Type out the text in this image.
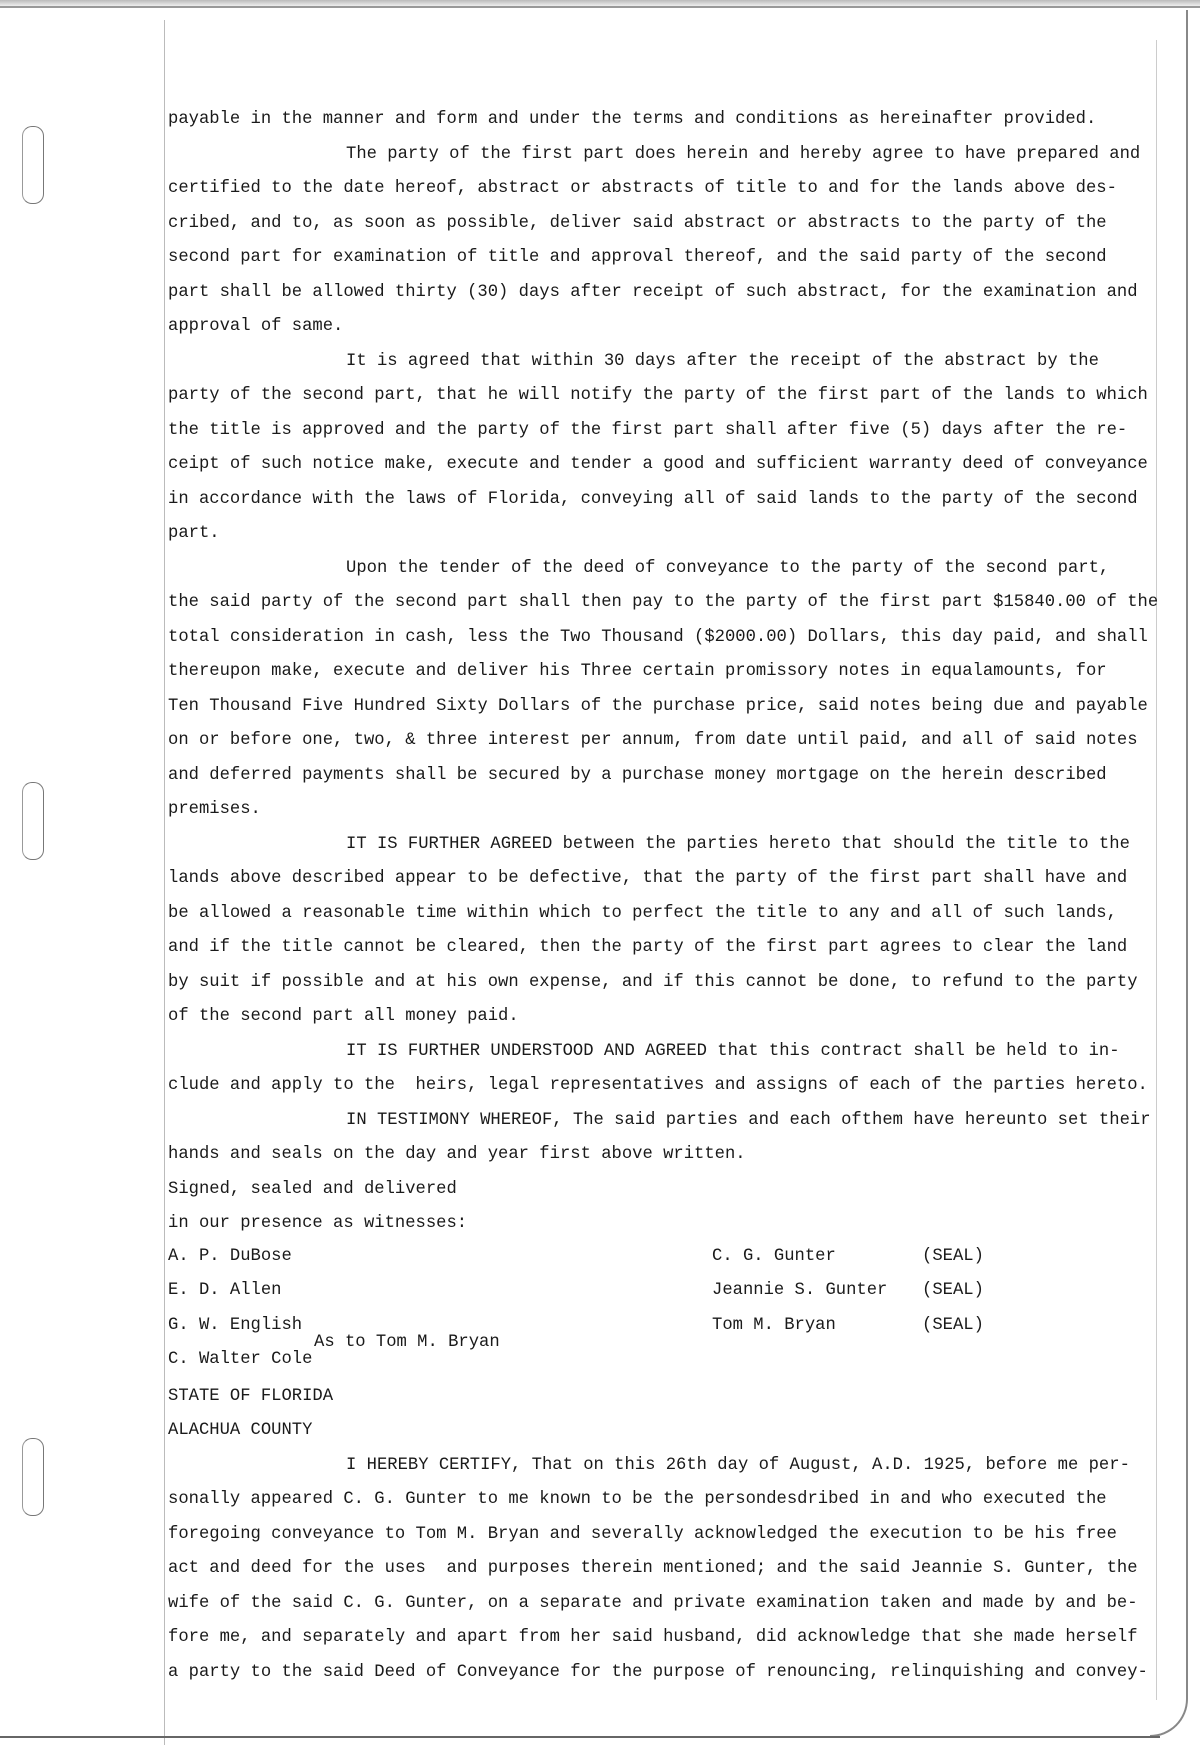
payable in the manner and form and under the terms and conditions as hereinafter provided.
The party of the first part does herein and hereby agree to have prepared and
certified to the date hereof, abstract or abstracts of title to and for the lands above des-
cribed, and to, as soon as possible, deliver said abstract or abstracts to the party of the
second part for examination of title and approval thereof, and the said party of the second
part shall be allowed thirty (30) days after receipt of such abstract, for the examination and
approval of same.
It is agreed that within 30 days after the receipt of the abstract by the
party of the second part, that he will notify the party of the first part of the lands to which
the title is approved and the party of the first part shall after five (5) days after the re-
ceipt of such notice make, execute and tender a good and sufficient warranty deed of conveyance
in accordance with the laws of Florida, conveying all of said lands to the party of the second
part.
Upon the tender of the deed of conveyance to the party of the second part,
the said party of the second part shall then pay to the party of the first part $15840.00 of the
total consideration in cash, less the Two Thousand ($2000.00) Dollars, this day paid, and shall
thereupon make, execute and deliver his Three certain promissory notes in equalamounts, for
Ten Thousand Five Hundred Sixty Dollars of the purchase price, said notes being due and payable
on or before one, two, & three interest per annum, from date until paid, and all of said notes
and deferred payments shall be secured by a purchase money mortgage on the herein described
premises.
IT IS FURTHER AGREED between the parties hereto that should the title to the
lands above described appear to be defective, that the party of the first part shall have and
be allowed a reasonable time within which to perfect the title to any and all of such lands,
and if the title cannot be cleared, then the party of the first part agrees to clear the land
by suit if possible and at his own expense, and if this cannot be done, to refund to the party
of the second part all money paid.
IT IS FURTHER UNDERSTOOD AND AGREED that this contract shall be held to in-
clude and apply to the  heirs, legal representatives and assigns of each of the parties hereto.
IN TESTIMONY WHEREOF, The said parties and each ofthem have hereunto set their
hands and seals on the day and year first above written.
Signed, sealed and delivered
in our presence as witnesses:
A. P. DuBose
E. D. Allen
G. W. English
As to Tom M. Bryan
C. Walter Cole
C. G. Gunter
Jeannie S. Gunter
Tom M. Bryan
(SEAL)
(SEAL)
(SEAL)
STATE OF FLORIDA
ALACHUA COUNTY
I HEREBY CERTIFY, That on this 26th day of August, A.D. 1925, before me per-
sonally appeared C. G. Gunter to me known to be the persondesdribed in and who executed the
foregoing conveyance to Tom M. Bryan and severally acknowledged the execution to be his free
act and deed for the uses  and purposes therein mentioned; and the said Jeannie S. Gunter, the
wife of the said C. G. Gunter, on a separate and private examination taken and made by and be-
fore me, and separately and apart from her said husband, did acknowledge that she made herself
a party to the said Deed of Conveyance for the purpose of renouncing, relinquishing and convey-
